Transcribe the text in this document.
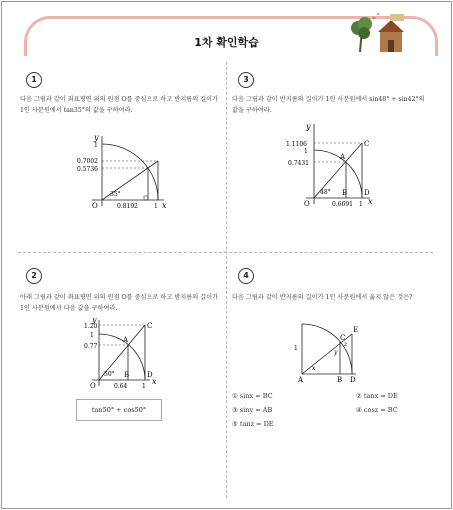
1차 확인학습
1
다음 그림과 같이 좌표평면 위의 원점 O를 중심으로 하고 반지름의 길이가 1인 사분원에서 tan35°의 값을 구하여라.
y
x
O
1
0.7002
0.5736
0.8192	1
35°
2
아래 그림과 같이 좌표평면 위의 원점 O를 중심으로 하고 반지름의 길이가 1인 사분원에서 다음 값을 구하여라.
y
x
O
1.20
1
0.77
0.64 1
50°
A
B
C
D
tan50° + cos50°
3
다음 그림과 같이 반지름의 길이가 1인 사분원에서 sin48° + sin42°의 값을 구하여라.
y
x
O
1.1106
1
0.7431
0.6691 1
48°
A
B
C
D
4
다음 그림과 같이 반지름의 길이가 1인 사분원에서 옳지 않은 것은?
A	B
C
D
E
1
x
y
z
① sinx = BC	② tanx = DE
③ siny = AB	④ cosz = BC
⑤ tanz = DE
